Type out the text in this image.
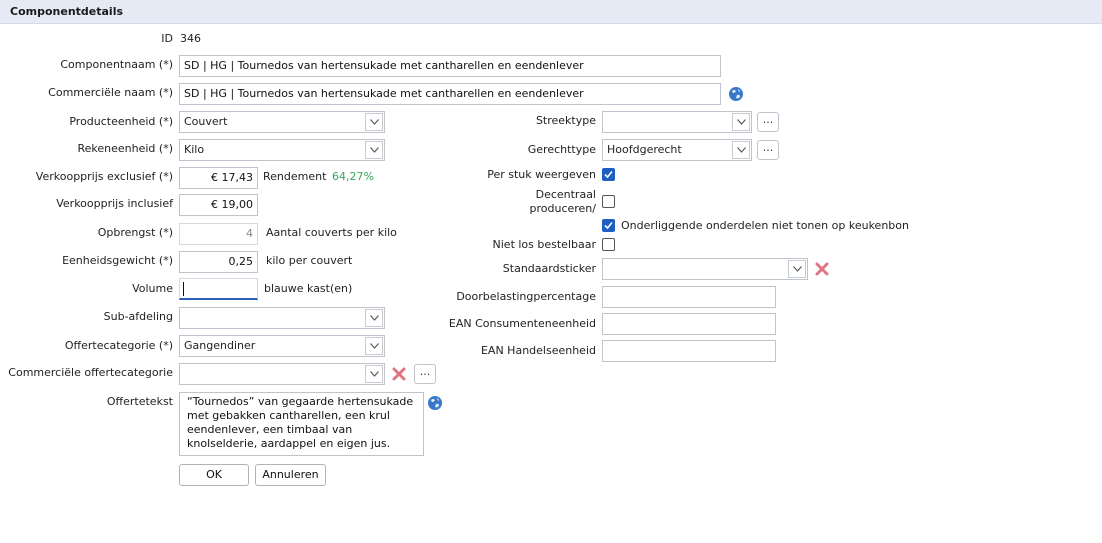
Componentdetails
ID 346
Componentnaam (*)	SD | HG | Tournedos van hertensukade met cantharellen en eendenlever
Commerciële naam (*)	SD | HG | Tournedos van hertensukade met cantharellen en eendenlever
Producteenheid (*)	Couvert
Rekeneenheid (*)	Kilo
Verkoopprijs exclusief (*)	€ 17,43 Rendement 64,27%
Verkoopprijs inclusief	€ 19,00
Opbrengst (*)	4	Aantal couverts per kilo
Eenheidsgewicht (*)	0,25	kilo per couvert
Volume	blauwe kast(en)
Sub-afdeling
Offertecategorie (*)	Gangendiner
Commerciële offertecategorie	...
Offertetekst	“Tournedos” van gegaarde hertensukade met gebakken cantharellen, een krul eendenlever, een timbaal van knolselderie, aardappel en eigen jus.
OK	Annuleren
Streektype	...
Gerechttype	Hoofdgerecht	...
Per stuk weergeven
Decentraal
produceren/
Onderliggende onderdelen niet tonen op keukenbon
Niet los bestelbaar
Standaardsticker
Doorbelastingpercentage
EAN Consumenteneenheid
EAN Handelseenheid
